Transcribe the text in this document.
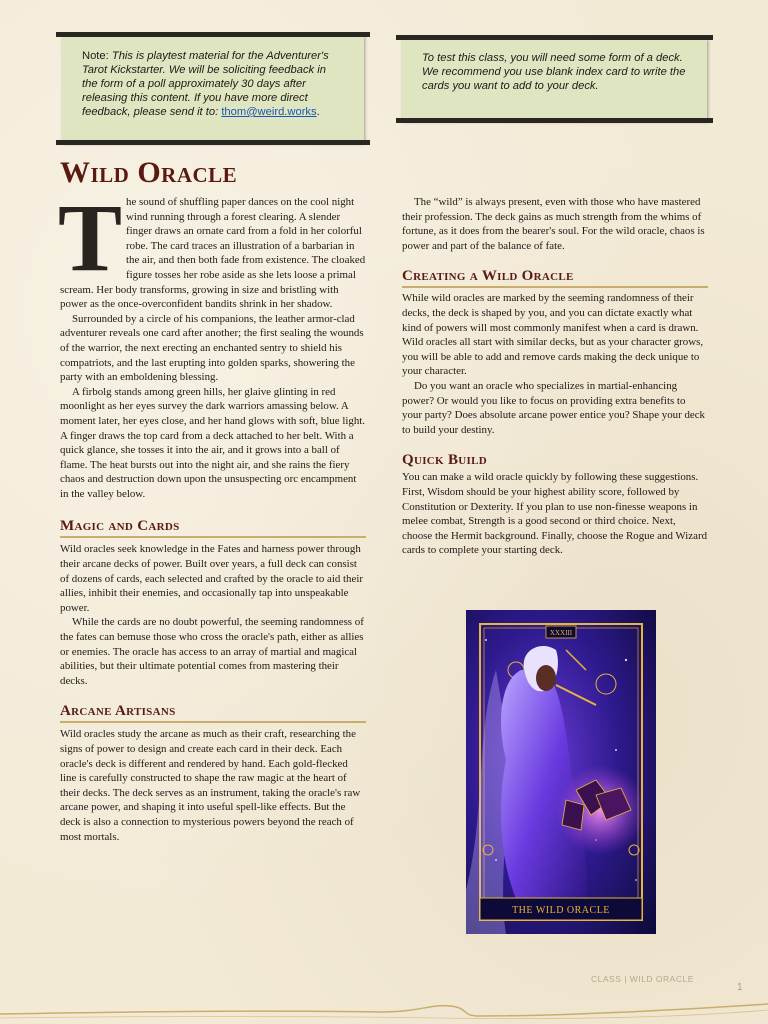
Note: This is playtest material for the Adventurer's Tarot Kickstarter. We will be soliciting feedback in the form of a poll approximately 30 days after releasing this content. If you have more direct feedback, please send it to: thom@weird.works.
To test this class, you will need some form of a deck. We recommend you use blank index card to write the cards you want to add to your deck.
Wild Oracle
T he sound of shuffling paper dances on the cool night wind running through a forest clearing. A slender finger draws an ornate card from a fold in her colorful robe. The card traces an illustration of a barbarian in the air, and then both fade from existence. The cloaked figure tosses her robe aside as she lets loose a primal scream. Her body transforms, growing in size and bristling with power as the once-overconfident bandits shrink in her shadow.

Surrounded by a circle of his companions, the leather armor-clad adventurer reveals one card after another; the first sealing the wounds of the warrior, the next erecting an enchanted sentry to shield his compatriots, and the last erupting into golden sparks, showering the party with an emboldening blessing.

A firbolg stands among green hills, her glaive glinting in red moonlight as her eyes survey the dark warriors amassing below. A moment later, her eyes close, and her hand glows with soft, blue light. A finger draws the top card from a deck attached to her belt. With a quick glance, she tosses it into the air, and it grows into a ball of flame. The heat bursts out into the night air, and she rains the fiery chaos and destruction down upon the unsuspecting orc encampment in the valley below.

Magic and Cards

Wild oracles seek knowledge in the Fates and harness power through their arcane decks of power. Built over years, a full deck can consist of dozens of cards, each selected and crafted by the oracle to aid their allies, inhibit their enemies, and occasionally tap into unspeakable power.

While the cards are no doubt powerful, the seeming randomness of the fates can bemuse those who cross the oracle's path, either as allies or enemies. The oracle has access to an array of martial and magical abilities, but their ultimate potential comes from mastering their decks.

Arcane Artisans

Wild oracles study the arcane as much as their craft, researching the signs of power to design and create each card in their deck. Each oracle's deck is different and rendered by hand. Each gold-flecked line is carefully constructed to shape the raw magic at the heart of their decks. The deck serves as an instrument, taking the oracle's raw arcane power, and shaping it into useful spell-like effects. But the deck is also a connection to mysterious powers beyond the reach of most mortals.

The “wild” is always present, even with those who have mastered their profession. The deck gains as much strength from the whims of fortune, as it does from the bearer's soul. For the wild oracle, chaos is power and part of the balance of fate.

Creating a Wild Oracle

While wild oracles are marked by the seeming randomness of their decks, the deck is shaped by you, and you can dictate exactly what kind of powers will most commonly manifest when a card is drawn. Wild oracles all start with similar decks, but as your character grows, you will be able to add and remove cards making the deck unique to your character.

Do you want an oracle who specializes in martial-enhancing power? Or would you like to focus on providing extra benefits to your party? Does absolute arcane power entice you? Shape your deck to build your destiny.

Quick Build

You can make a wild oracle quickly by following these suggestions. First, Wisdom should be your highest ability score, followed by Constitution or Dexterity. If you plan to use non-finesse weapons in melee combat, Strength is a good second or third choice. Next, choose the Hermit background. Finally, choose the Rogue and Wizard cards to complete your starting deck.

XXXIII
THE WILD ORACLE
CLASS | WILD ORACLE
1
